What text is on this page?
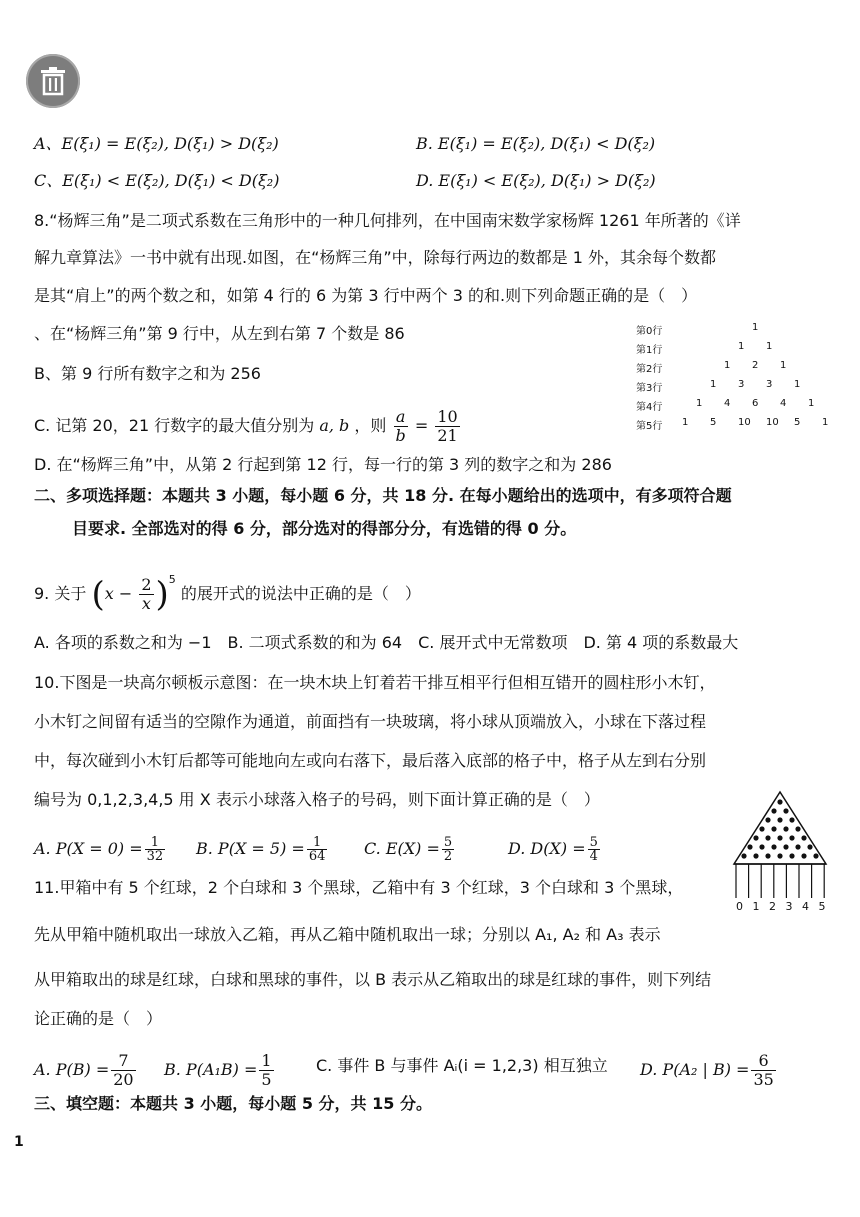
A、E(ξ₁) = E(ξ₂), D(ξ₁) > D(ξ₂)	B. E(ξ₁) = E(ξ₂), D(ξ₁) < D(ξ₂)
C、E(ξ₁) < E(ξ₂), D(ξ₁) < D(ξ₂)	D. E(ξ₁) < E(ξ₂), D(ξ₁) > D(ξ₂)
8.“杨辉三角”是二项式系数在三角形中的一种几何排列，在中国南宋数学家杨辉 1261 年所著的《详
解九章算法》一书中就有出现.如图，在“杨辉三角”中，除每行两边的数都是 1 外，其余每个数都
是其“肩上”的两个数之和，如第 4 行的 6 为第 3 行中两个 3 的和.则下列命题正确的是（　）
、在“杨辉三角”第 9 行中，从左到右第 7 个数是 86
B、第 9 行所有数字之和为 256
C. 记第 20，21 行数字的最大值分别为 a, b ，则 $\frac{a}{b} = \frac{10}{21}$
D. 在“杨辉三角”中，从第 2 行起到第 12 行，每一行的第 3 列的数字之和为 286
第0行	1
第1行	1 1
第2行	1 2 1
第3行	1 3 3 1
第4行	1 4 6 4 1
第5行 1 5 10 10 5 1
二、多项选择题：本题共 3 小题，每小题 6 分，共 18 分. 在每小题给出的选项中，有多项符合题
目要求. 全部选对的得 6 分，部分选对的得部分分，有选错的得 0 分。
9. 关于 $(x - \frac{2}{x} )^5$ 的展开式的说法中正确的是（　）
A. 各项的系数之和为 −1　B. 二项式系数的和为 64　C. 展开式中无常数项　D. 第 4 项的系数最大
10.下图是一块高尔顿板示意图：在一块木块上钉着若干排互相平行但相互错开的圆柱形小木钉，
小木钉之间留有适当的空隙作为通道，前面挡有一块玻璃，将小球从顶端放入，小球在下落过程
中，每次碰到小木钉后都等可能地向左或向右落下，最后落入底部的格子中，格子从左到右分别
编号为 0,1,2,3,4,5 用 X 表示小球落入格子的号码，则下面计算正确的是（　）
A. $P(X = 0) = \frac{1}{32} B$. $P(X = 5) = \frac{1}{64} C$. $E(X) = \frac{5}{2}$	D. $D(X) = \frac{5}{4}$
0 1 2 3 4 5
11.甲箱中有 5 个红球，2 个白球和 3 个黑球，乙箱中有 3 个红球，3 个白球和 3 个黑球，
先从甲箱中随机取出一球放入乙箱，再从乙箱中随机取出一球；分别以 A₁, A₂ 和 A₃ 表示
从甲箱取出的球是红球，白球和黑球的事件，以 B 表示从乙箱取出的球是红球的事件，则下列结
论正确的是（　）
A. $P(B) = \frac{7}{20} B$. $P(A_1B) = \frac{1}{5}$	C. 事件 B 与事件 Aᵢ(i = 1,2,3) 相互独立 D. P(A₂ | $B) = \frac{6}{35}$
三、填空题：本题共 3 小题，每小题 5 分，共 15 分。
1
